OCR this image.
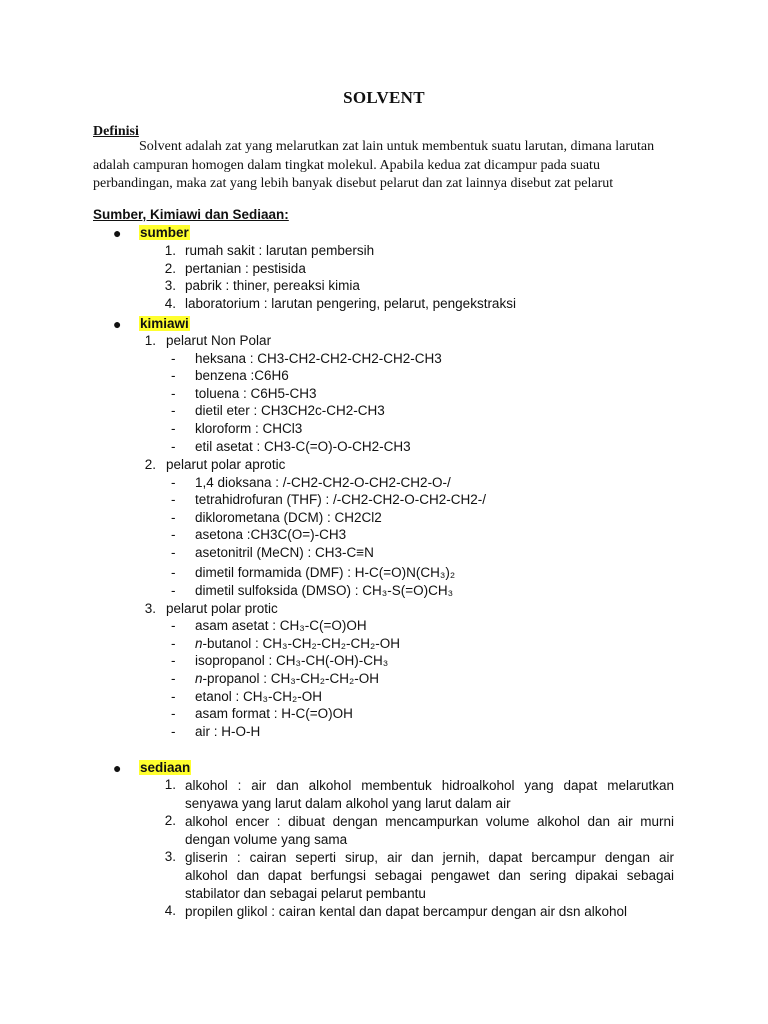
SOLVENT
Definisi
Solvent adalah zat yang melarutkan zat lain untuk membentuk suatu larutan, dimana larutan adalah campuran homogen dalam tingkat molekul. Apabila kedua zat dicampur pada suatu perbandingan, maka zat yang lebih banyak disebut pelarut dan zat lainnya disebut zat pelarut
Sumber, Kimiawi dan Sediaan:
● sumber
1. rumah sakit : larutan pembersih
2. pertanian : pestisida
3. pabrik : thiner, pereaksi kimia
4. laboratorium : larutan pengering, pelarut, pengekstraksi
● kimiawi
1. pelarut Non Polar
- heksana : CH3-CH2-CH2-CH2-CH2-CH3
- benzena :C6H6
- toluena : C6H5-CH3
- dietil eter : CH3CH2c-CH2-CH3
- kloroform : CHCl3
- etil asetat : CH3-C(=O)-O-CH2-CH3
2. pelarut polar aprotic
- 1,4 dioksana : /-CH2-CH2-O-CH2-CH2-O-/
- tetrahidrofuran (THF) : /-CH2-CH2-O-CH2-CH2-/
- diklorometana (DCM) : CH2Cl2
- asetona :CH3C(O=)-CH3
- asetonitril (MeCN) : CH3-C≡N
- dimetil formamida (DMF) : H-C(=O)N(CH₃)₂
- dimetil sulfoksida (DMSO) : CH₃-S(=O)CH₃
3. pelarut polar protic
- asam asetat : CH₃-C(=O)OH
- n-butanol : CH₃-CH₂-CH₂-CH₂-OH
- isopropanol : CH₃-CH(-OH)-CH₃
- n-propanol : CH₃-CH₂-CH₂-OH
- etanol : CH₃-CH₂-OH
- asam format : H-C(=O)OH
- air : H-O-H
● sediaan
1. alkohol : air dan alkohol membentuk hidroalkohol yang dapat melarutkan
senyawa yang larut dalam alkohol yang larut dalam air
2. alkohol encer : dibuat dengan mencampurkan volume alkohol dan air murni
dengan volume yang sama
3. gliserin : cairan seperti sirup, air dan jernih, dapat bercampur dengan air
alkohol dan dapat berfungsi sebagai pengawet dan sering dipakai sebagai
stabilator dan sebagai pelarut pembantu
4. propilen glikol : cairan kental dan dapat bercampur dengan air dsn alkohol
